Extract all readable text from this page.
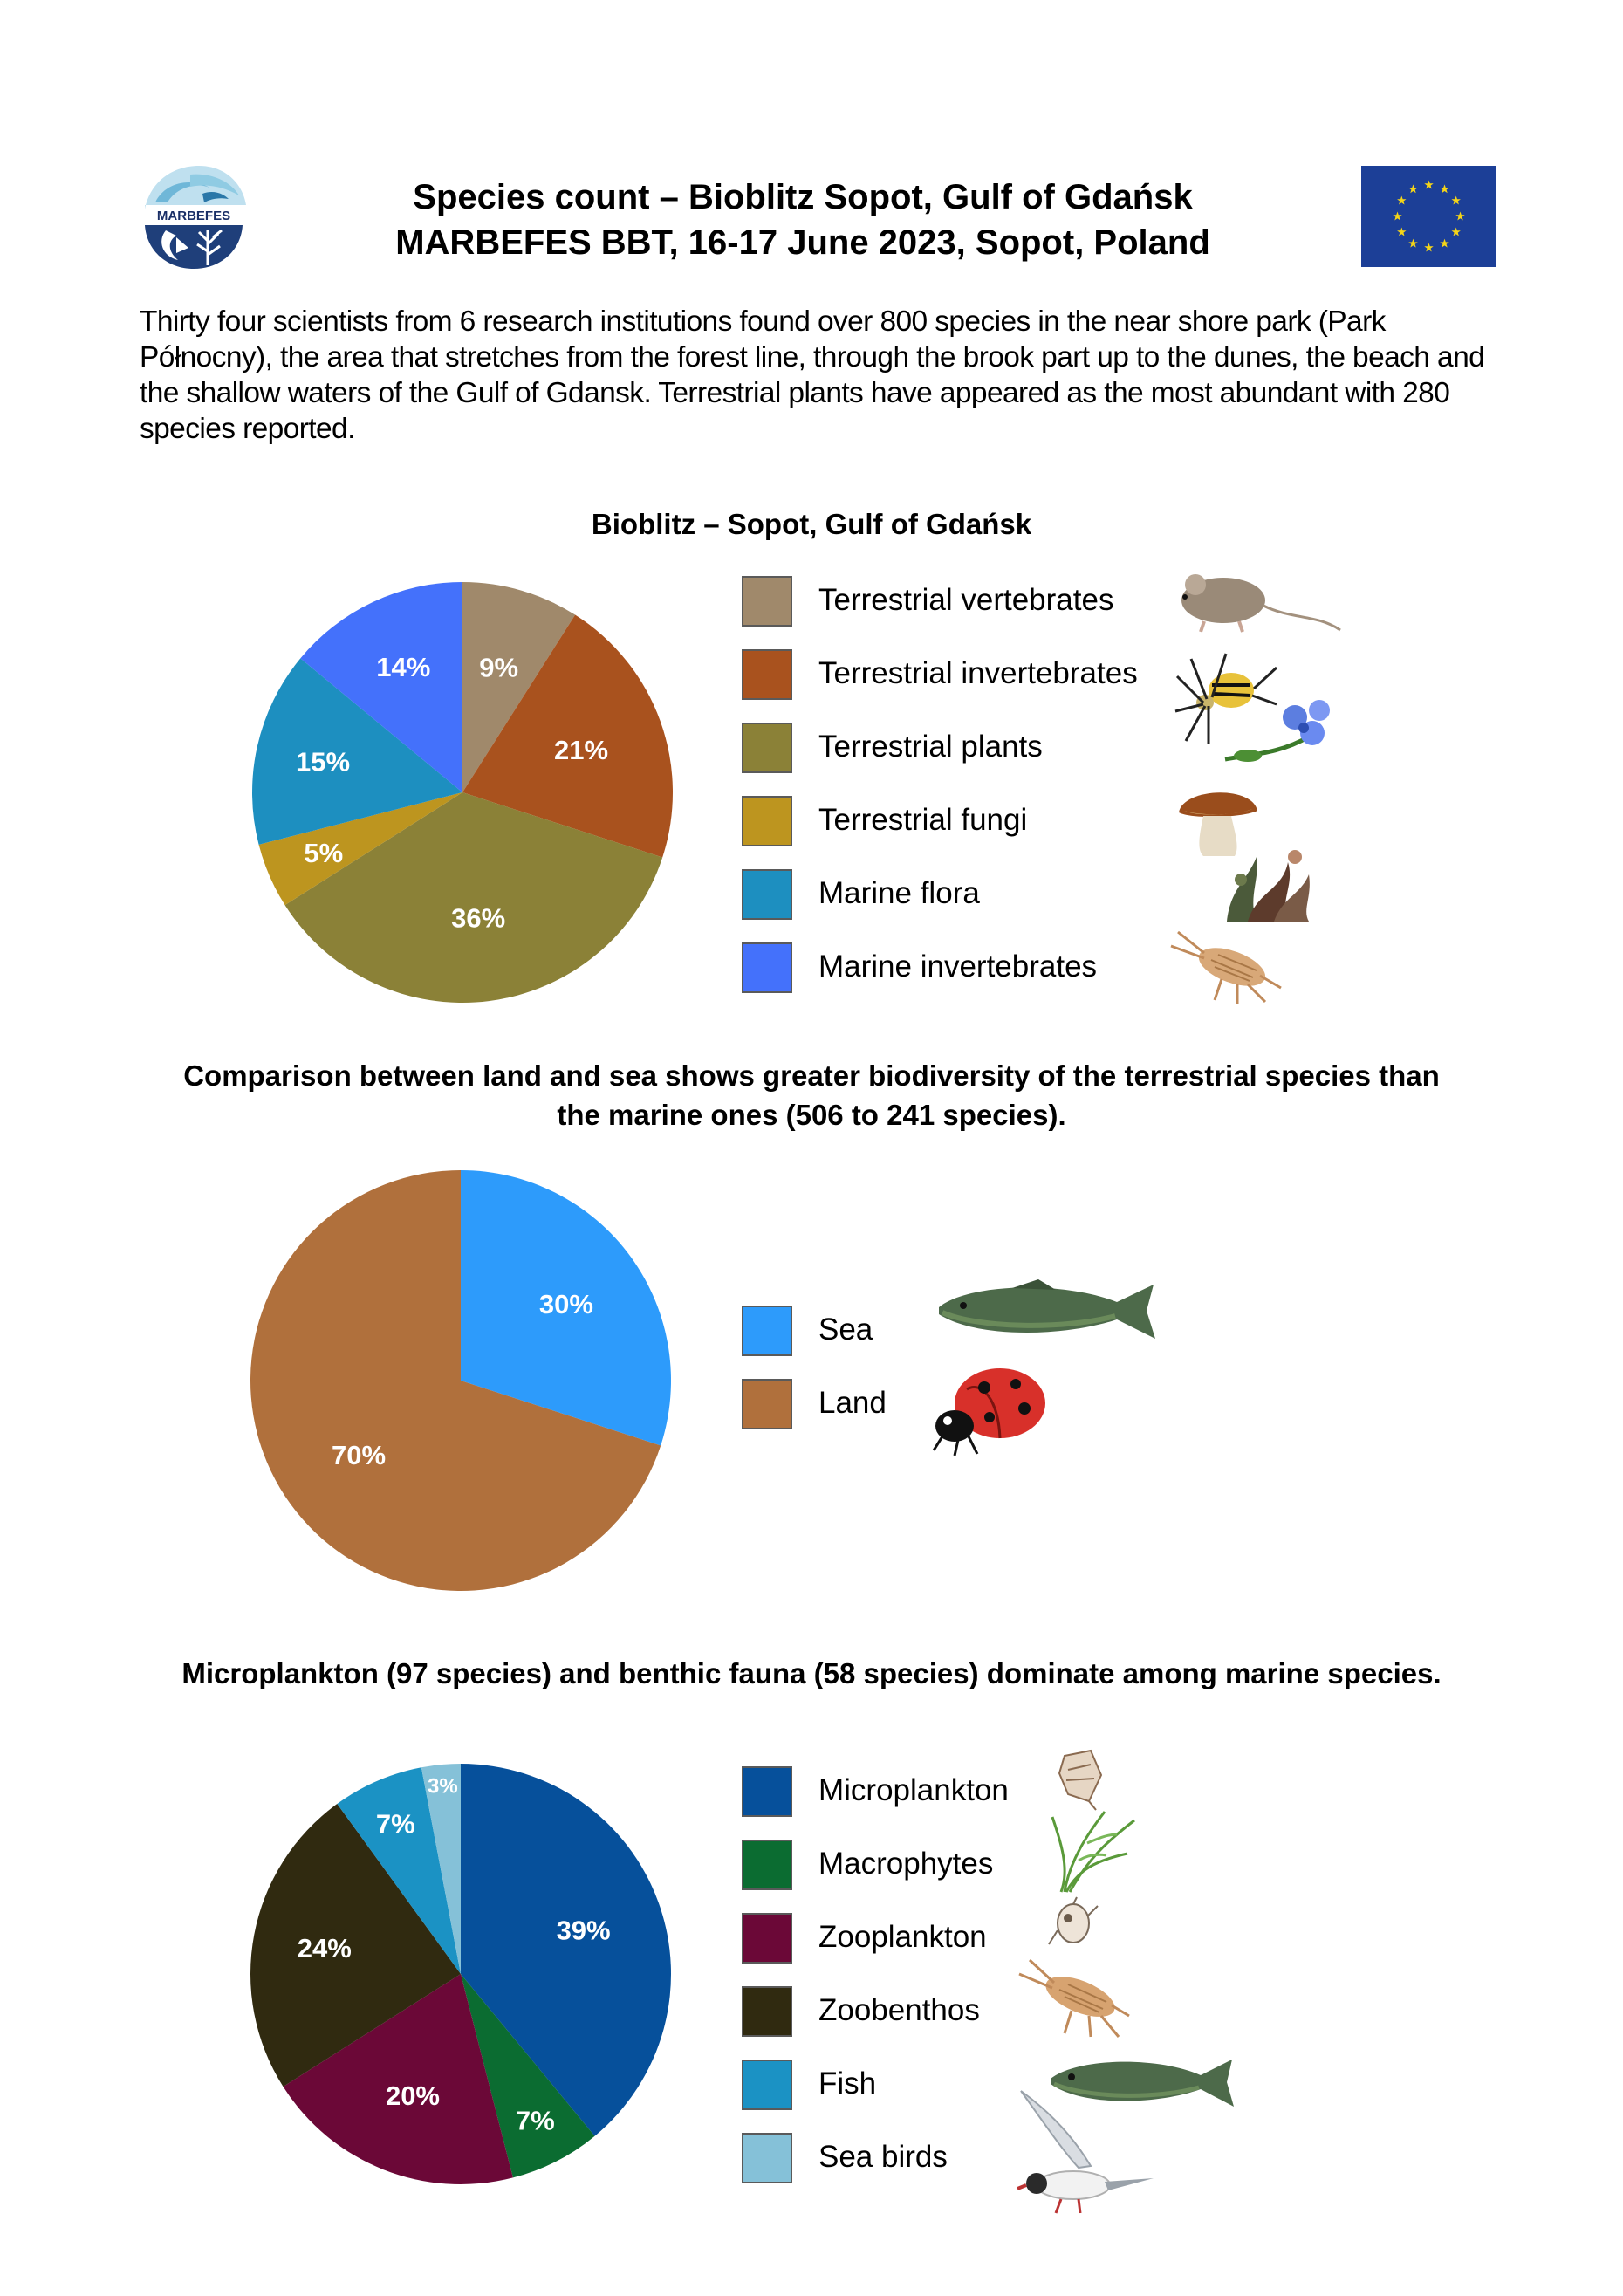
MARBEFES	Species count – Bioblitz Sopot, Gulf of Gdańsk
MARBEFES BBT, 16-17 June 2023, Sopot, Poland
Thirty four scientists from 6 research institutions found over 800 species in the near shore park (Park Północny), the area that stretches from the forest line, through the brook part up to the dunes, the beach and the shallow waters of the Gulf of Gdansk. Terrestrial plants have appeared as the most abundant with 280 species reported.
Bioblitz – Sopot, Gulf of Gdańsk
9%
21%
36%
5%
15%
14%
Terrestrial vertebrates
Terrestrial invertebrates
Terrestrial plants
Terrestrial fungi
Marine flora
Marine invertebrates
Comparison between land and sea shows greater biodiversity of the terrestrial species than the marine ones (506 to 241 species).
30%
70%
Sea
Land
Microplankton (97 species) and benthic fauna (58 species) dominate among marine species.
39%
7%
20%
24%
7%
3%	Microplankton
Macrophytes
Zooplankton
Zoobenthos
Fish
Sea birds
